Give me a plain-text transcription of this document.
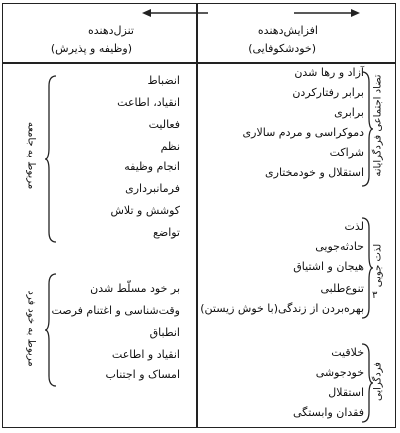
افزایش‌دهنده
(خودشکوفایی)
تنزل‌دهنده
(وظیفه و پذیرش)
آزاد و رها شدن
برابر رفتارکردن
برابری
دموکراسی و مردم سالاری
شراکت
استقلال و خودمختاری تضاد اجتماعی فردگرایانه
لذت
حادثه‌جویی
هیجان و اشتیاق
تنوع‌طلبی
بهره‌بردن از زندگی(با خوش زیستن)
لذت جویی
۳
خلاقیت
خودجوشی
استقلال
فقدان وابستگی
فردگرایی
انضباط
انقیاد، اطاعت
فعالیت
نظم
انجام وظیفه
فرمانبرداری
کوشش و تلاش
تواضع
مربوط به جامعه
بر خود مسلّط شدن
وقت‌شناسی و اغتنام فرصت
انطباق
انقیاد و اطاعت
امساک و اجتناب
مربوط به خود فرد
